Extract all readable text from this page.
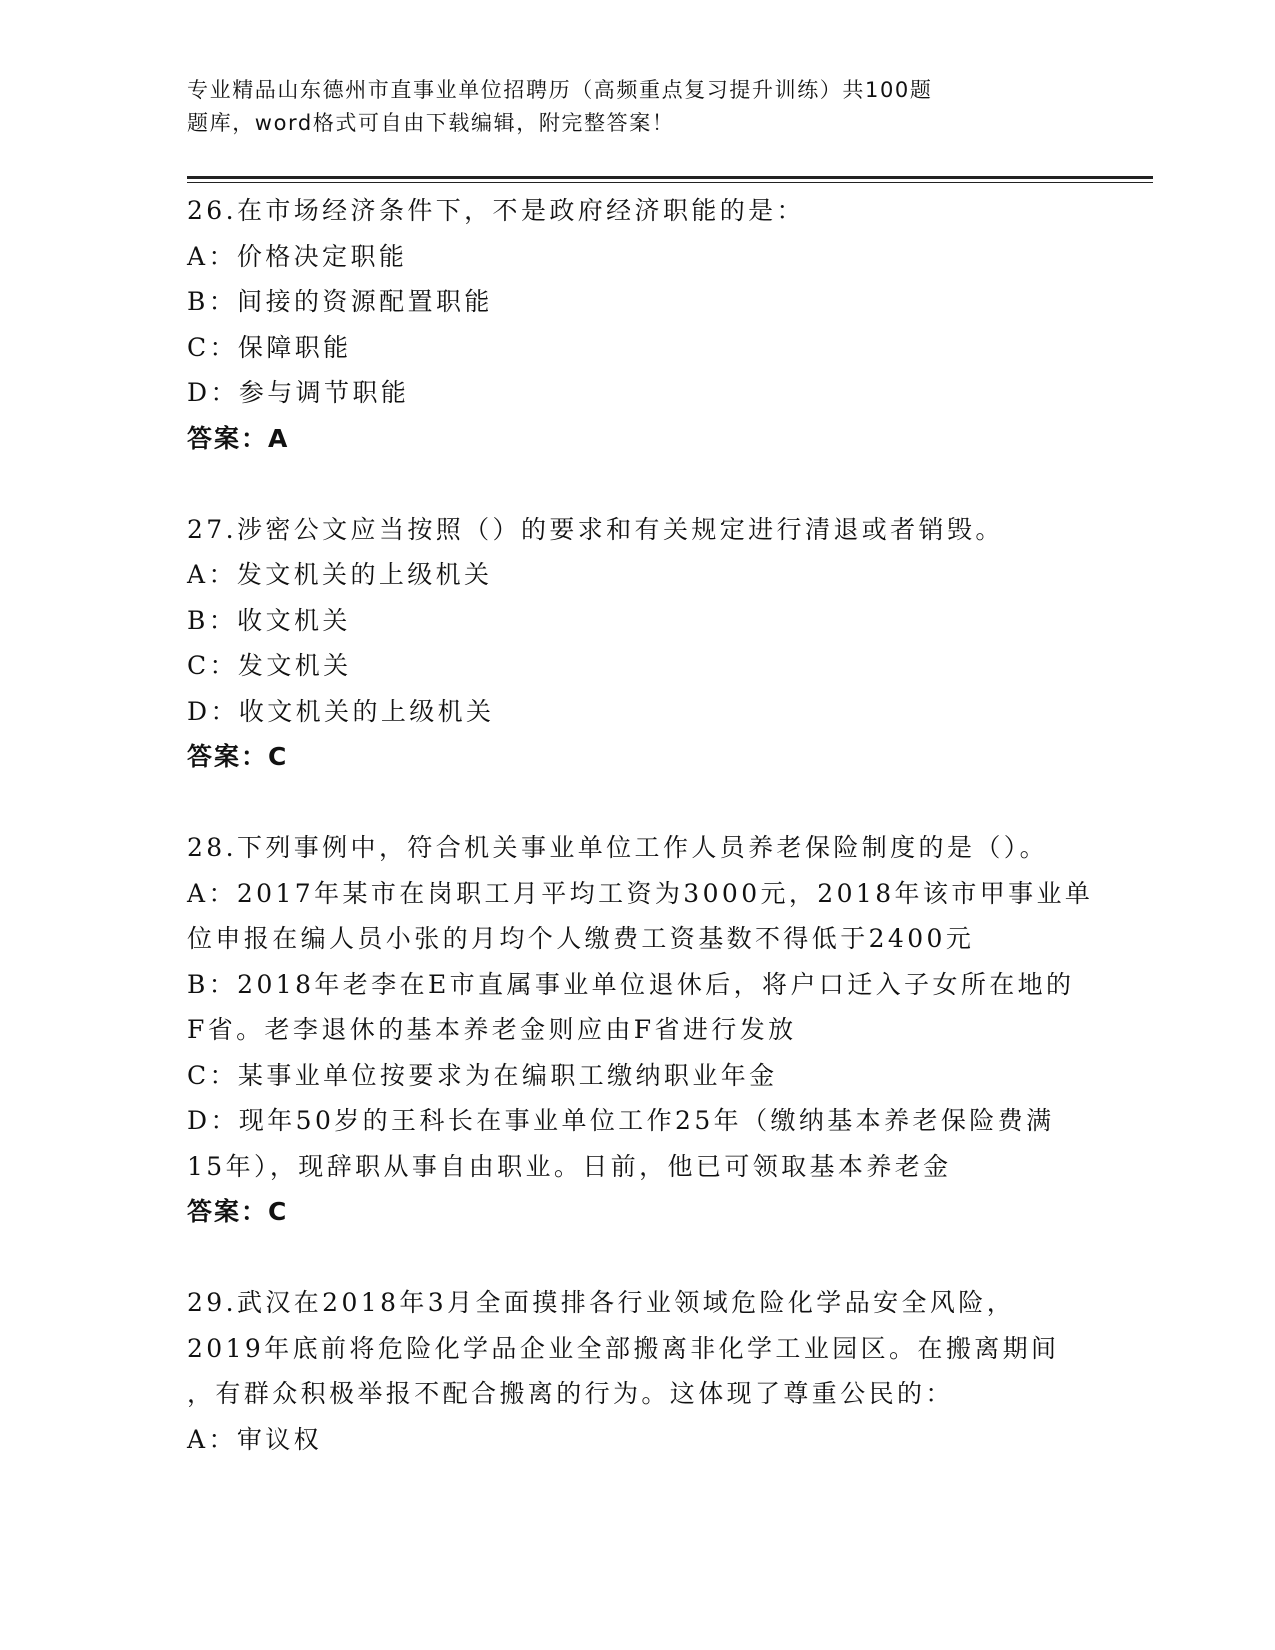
专业精品山东德州市直事业单位招聘历（高频重点复习提升训练）共100题
题库，word格式可自由下载编辑，附完整答案！
26.在市场经济条件下，不是政府经济职能的是：
A：价格决定职能
B：间接的资源配置职能
C：保障职能
D：参与调节职能
答案：A
27.涉密公文应当按照（）的要求和有关规定进行清退或者销毁。
A：发文机关的上级机关
B：收文机关
C：发文机关
D：收文机关的上级机关
答案：C
28.下列事例中，符合机关事业单位工作人员养老保险制度的是（）。
A：2017年某市在岗职工月平均工资为3000元，2018年该市甲事业单
位申报在编人员小张的月均个人缴费工资基数不得低于2400元
B：2018年老李在E市直属事业单位退休后，将户口迁入子女所在地的
F省。老李退休的基本养老金则应由F省进行发放
C：某事业单位按要求为在编职工缴纳职业年金
D：现年50岁的王科长在事业单位工作25年（缴纳基本养老保险费满
15年），现辞职从事自由职业。日前，他已可领取基本养老金
答案：C
29.武汉在2018年3月全面摸排各行业领域危险化学品安全风险，
2019年底前将危险化学品企业全部搬离非化学工业园区。在搬离期间
，有群众积极举报不配合搬离的行为。这体现了尊重公民的：
A：审议权
